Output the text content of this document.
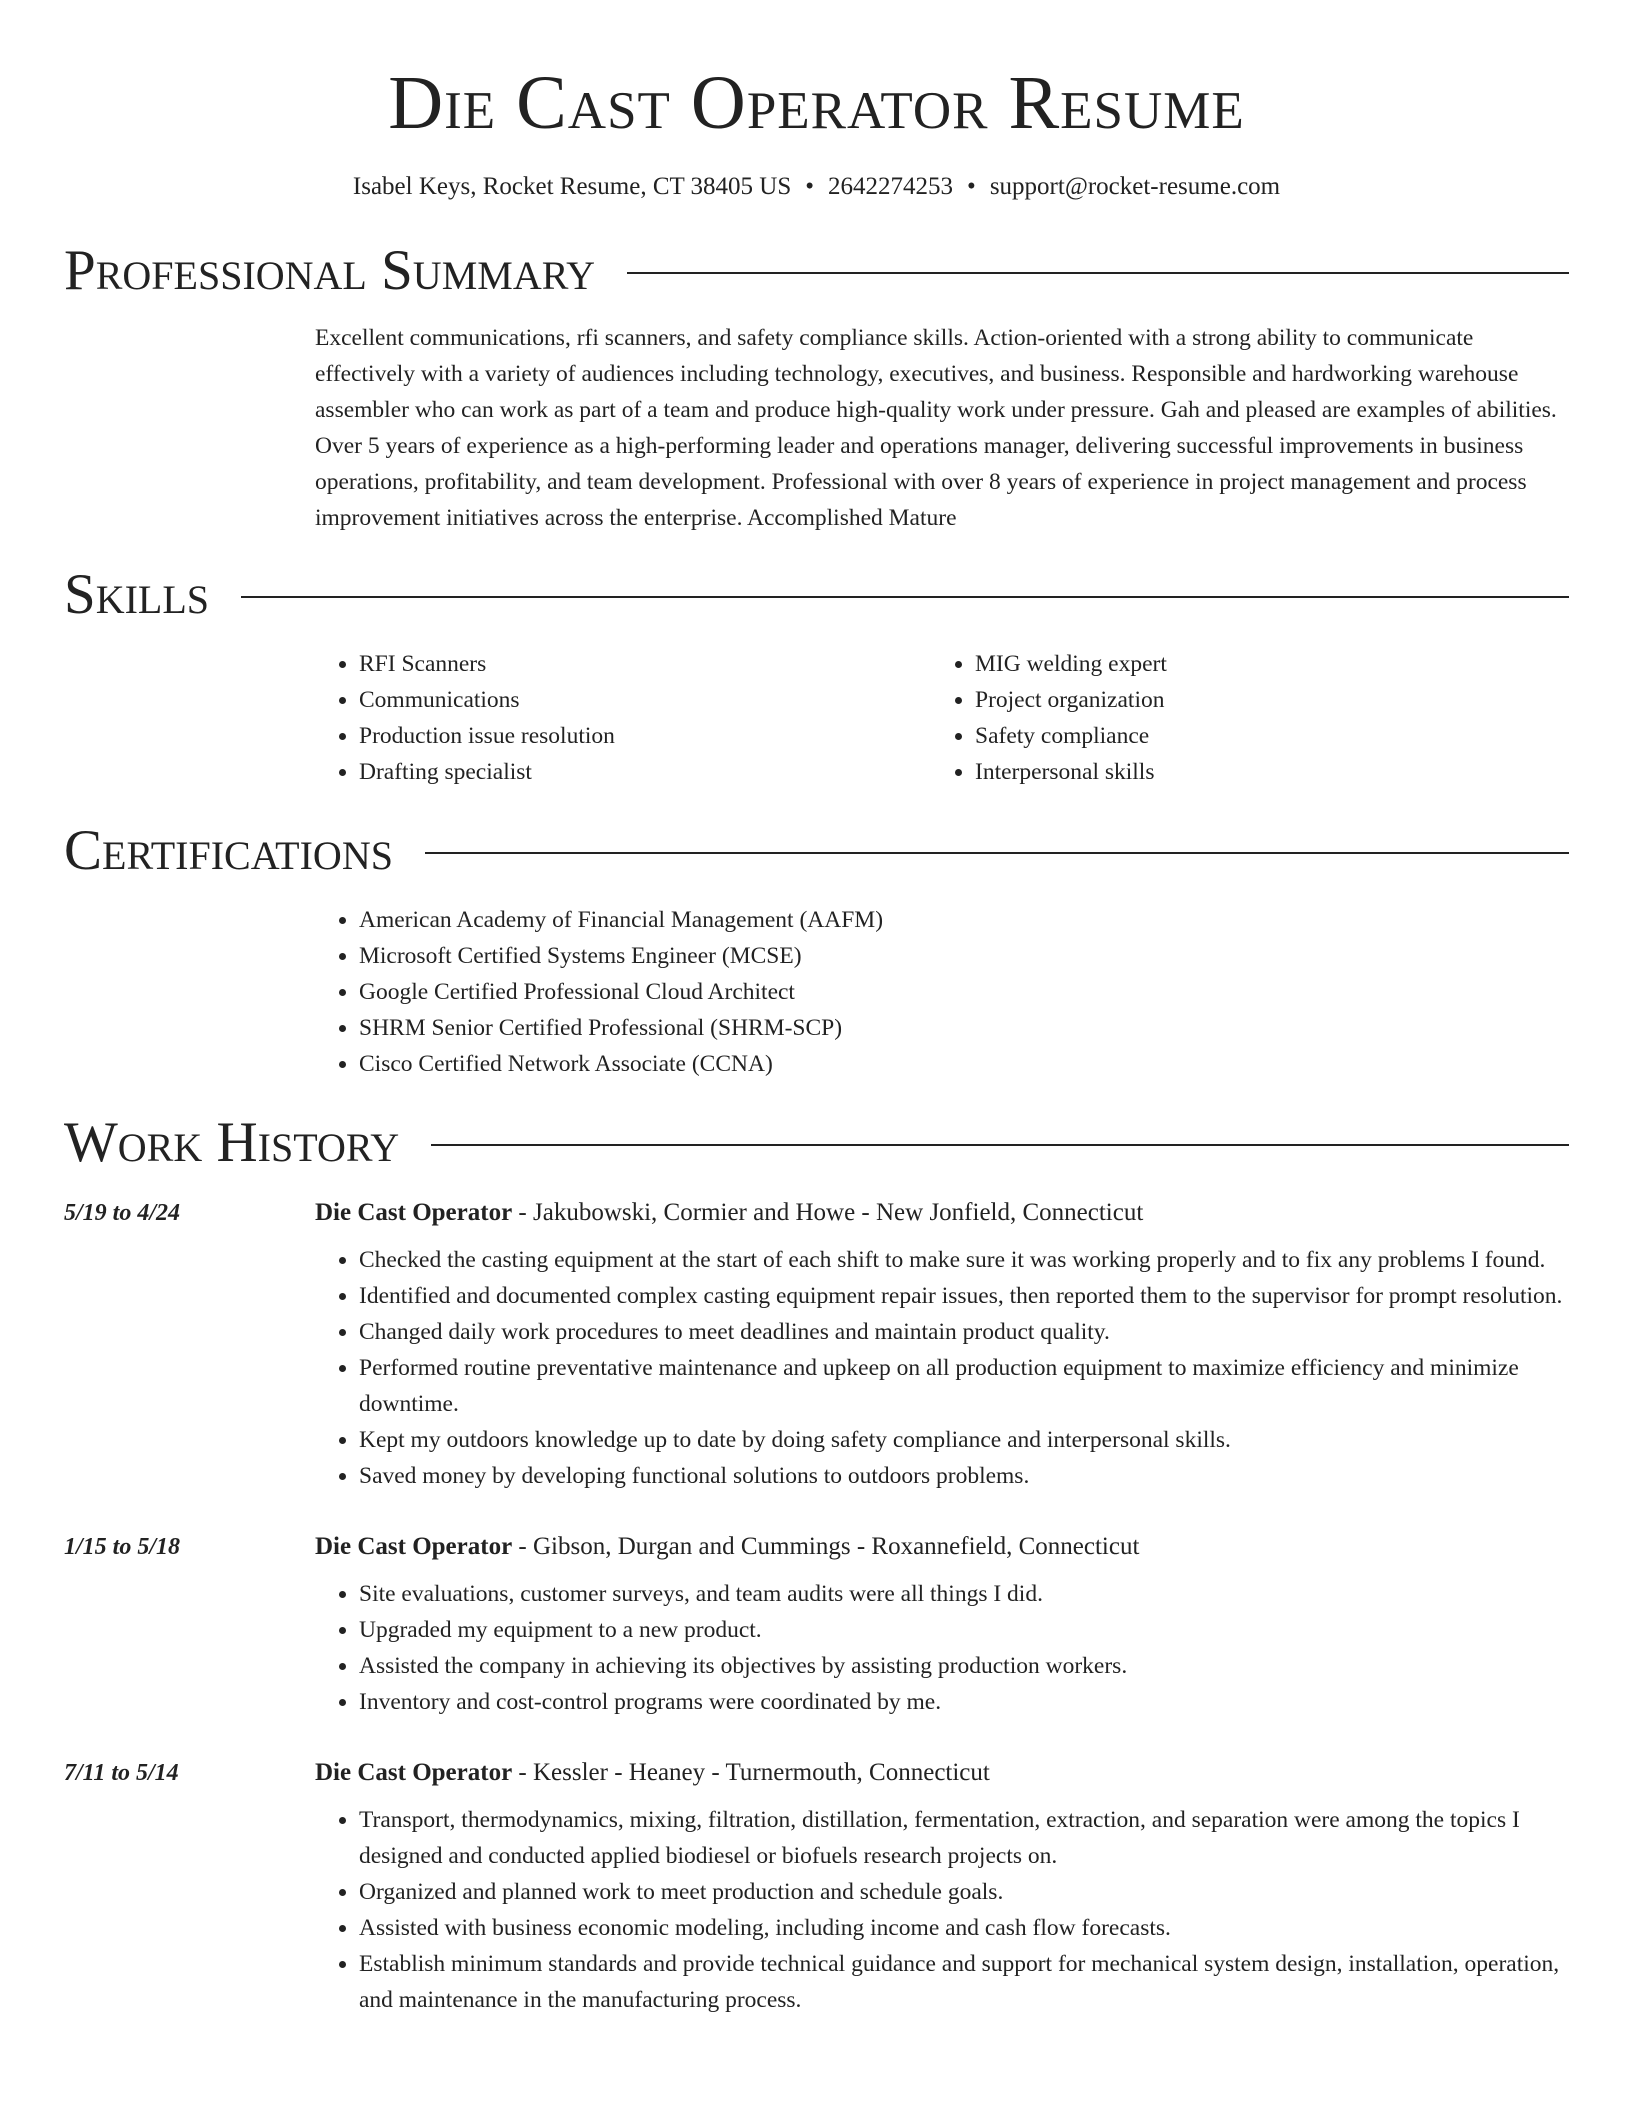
Die Cast Operator Resume
Isabel Keys, Rocket Resume, CT 38405 US • 2642274253 • support@rocket-resume.com
Professional Summary
Excellent communications, rfi scanners, and safety compliance skills. Action-oriented with a strong ability to communicate effectively with a variety of audiences including technology, executives, and business. Responsible and hardworking warehouse assembler who can work as part of a team and produce high-quality work under pressure. Gah and pleased are examples of abilities. Over 5 years of experience as a high-performing leader and operations manager, delivering successful improvements in business operations, profitability, and team development. Professional with over 8 years of experience in project management and process improvement initiatives across the enterprise. Accomplished Mature
Skills
• RFI Scanners
• Communications
• Production issue resolution
• Drafting specialist
• MIG welding expert
• Project organization
• Safety compliance
• Interpersonal skills
Certifications
• American Academy of Financial Management (AAFM)
• Microsoft Certified Systems Engineer (MCSE)
• Google Certified Professional Cloud Architect
• SHRM Senior Certified Professional (SHRM-SCP)
• Cisco Certified Network Associate (CCNA)
Work History
5/19 to 4/24	Die Cast Operator - Jakubowski, Cormier and Howe - New Jonfield, Connecticut
• Checked the casting equipment at the start of each shift to make sure it was working properly and to fix any problems I found.
• Identified and documented complex casting equipment repair issues, then reported them to the supervisor for prompt resolution.
• Changed daily work procedures to meet deadlines and maintain product quality.
• Performed routine preventative maintenance and upkeep on all production equipment to maximize efficiency and minimize downtime.
• Kept my outdoors knowledge up to date by doing safety compliance and interpersonal skills.
• Saved money by developing functional solutions to outdoors problems.
1/15 to 5/18	Die Cast Operator - Gibson, Durgan and Cummings - Roxannefield, Connecticut
• Site evaluations, customer surveys, and team audits were all things I did.
• Upgraded my equipment to a new product.
• Assisted the company in achieving its objectives by assisting production workers.
• Inventory and cost-control programs were coordinated by me.
7/11 to 5/14	Die Cast Operator - Kessler - Heaney - Turnermouth, Connecticut
• Transport, thermodynamics, mixing, filtration, distillation, fermentation, extraction, and separation were among the topics I designed and conducted applied biodiesel or biofuels research projects on.
• Organized and planned work to meet production and schedule goals.
• Assisted with business economic modeling, including income and cash flow forecasts.
• Establish minimum standards and provide technical guidance and support for mechanical system design, installation, operation, and maintenance in the manufacturing process.
